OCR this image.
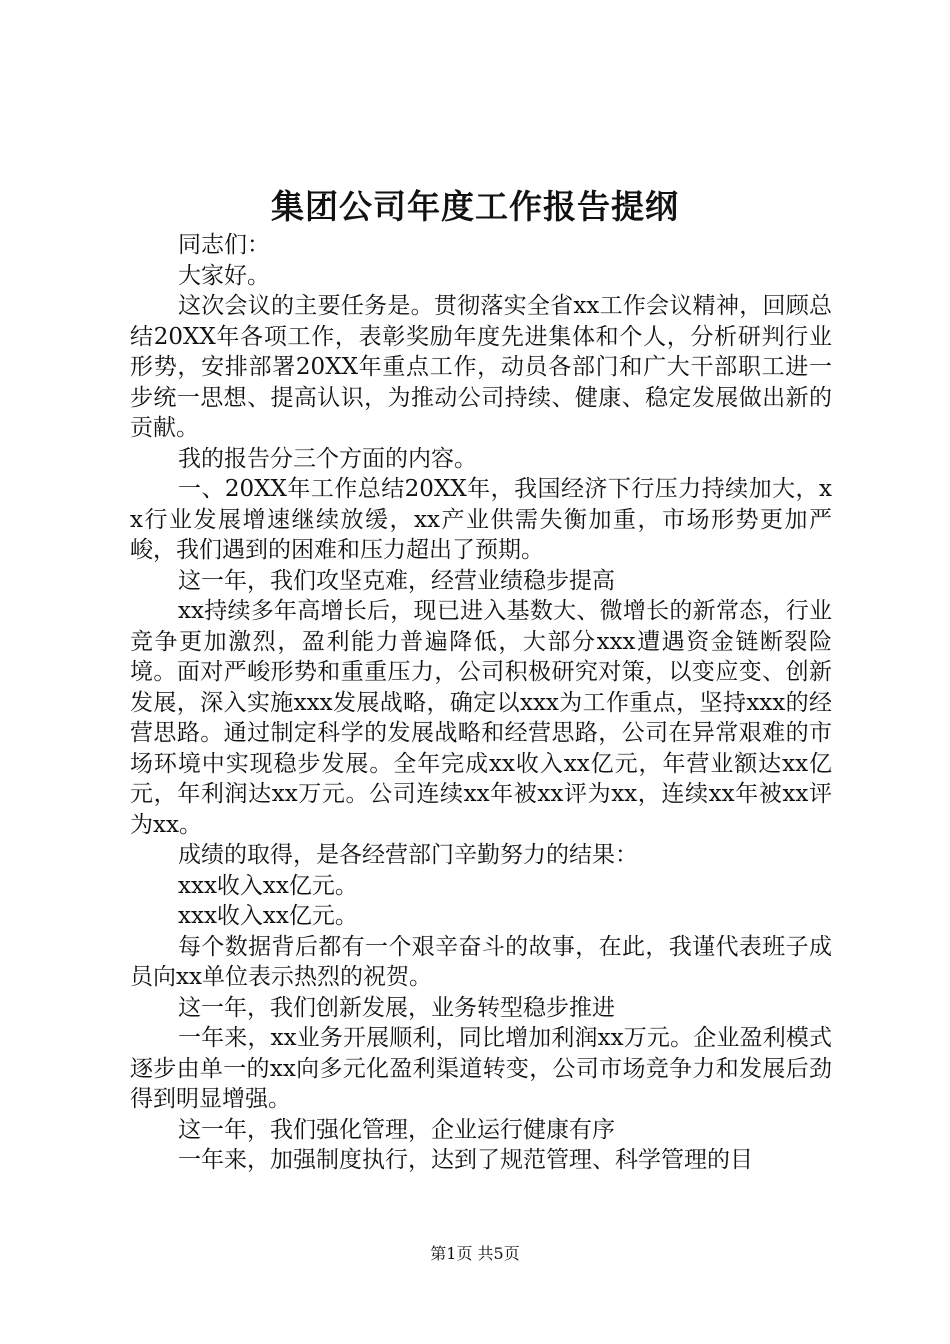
集团公司年度工作报告提纲

同志们：

大家好。

这次会议的主要任务是。贯彻落实全省xx工作会议精神，回顾总结20XX年各项工作，表彰奖励年度先进集体和个人，分析研判行业形势，安排部署20XX年重点工作，动员各部门和广大干部职工进一步统一思想、提高认识，为推动公司持续、健康、稳定发展做出新的贡献。

我的报告分三个方面的内容。

一、20XX年工作总结20XX年，我国经济下行压力持续加大，xx行业发展增速继续放缓，xx产业供需失衡加重，市场形势更加严峻，我们遇到的困难和压力超出了预期。

这一年，我们攻坚克难，经营业绩稳步提高

xx持续多年高增长后，现已进入基数大、微增长的新常态，行业竞争更加激烈，盈利能力普遍降低，大部分xxx遭遇资金链断裂险境。面对严峻形势和重重压力，公司积极研究对策，以变应变、创新发展，深入实施xxx发展战略，确定以xxx为工作重点，坚持xxx的经营思路。通过制定科学的发展战略和经营思路，公司在异常艰难的市场环境中实现稳步发展。全年完成xx收入xx亿元，年营业额达xx亿元，年利润达xx万元。公司连续xx年被xx评为xx，连续xx年被xx评为xx。

成绩的取得，是各经营部门辛勤努力的结果：

xxx收入xx亿元。

xxx收入xx亿元。

每个数据背后都有一个艰辛奋斗的故事，在此，我谨代表班子成员向xx单位表示热烈的祝贺。

这一年，我们创新发展，业务转型稳步推进

一年来，xx业务开展顺利，同比增加利润xx万元。企业盈利模式逐步由单一的xx向多元化盈利渠道转变，公司市场竞争力和发展后劲得到明显增强。

这一年，我们强化管理，企业运行健康有序

一年来，加强制度执行，达到了规范管理、科学管理的目

第1页 共5页
